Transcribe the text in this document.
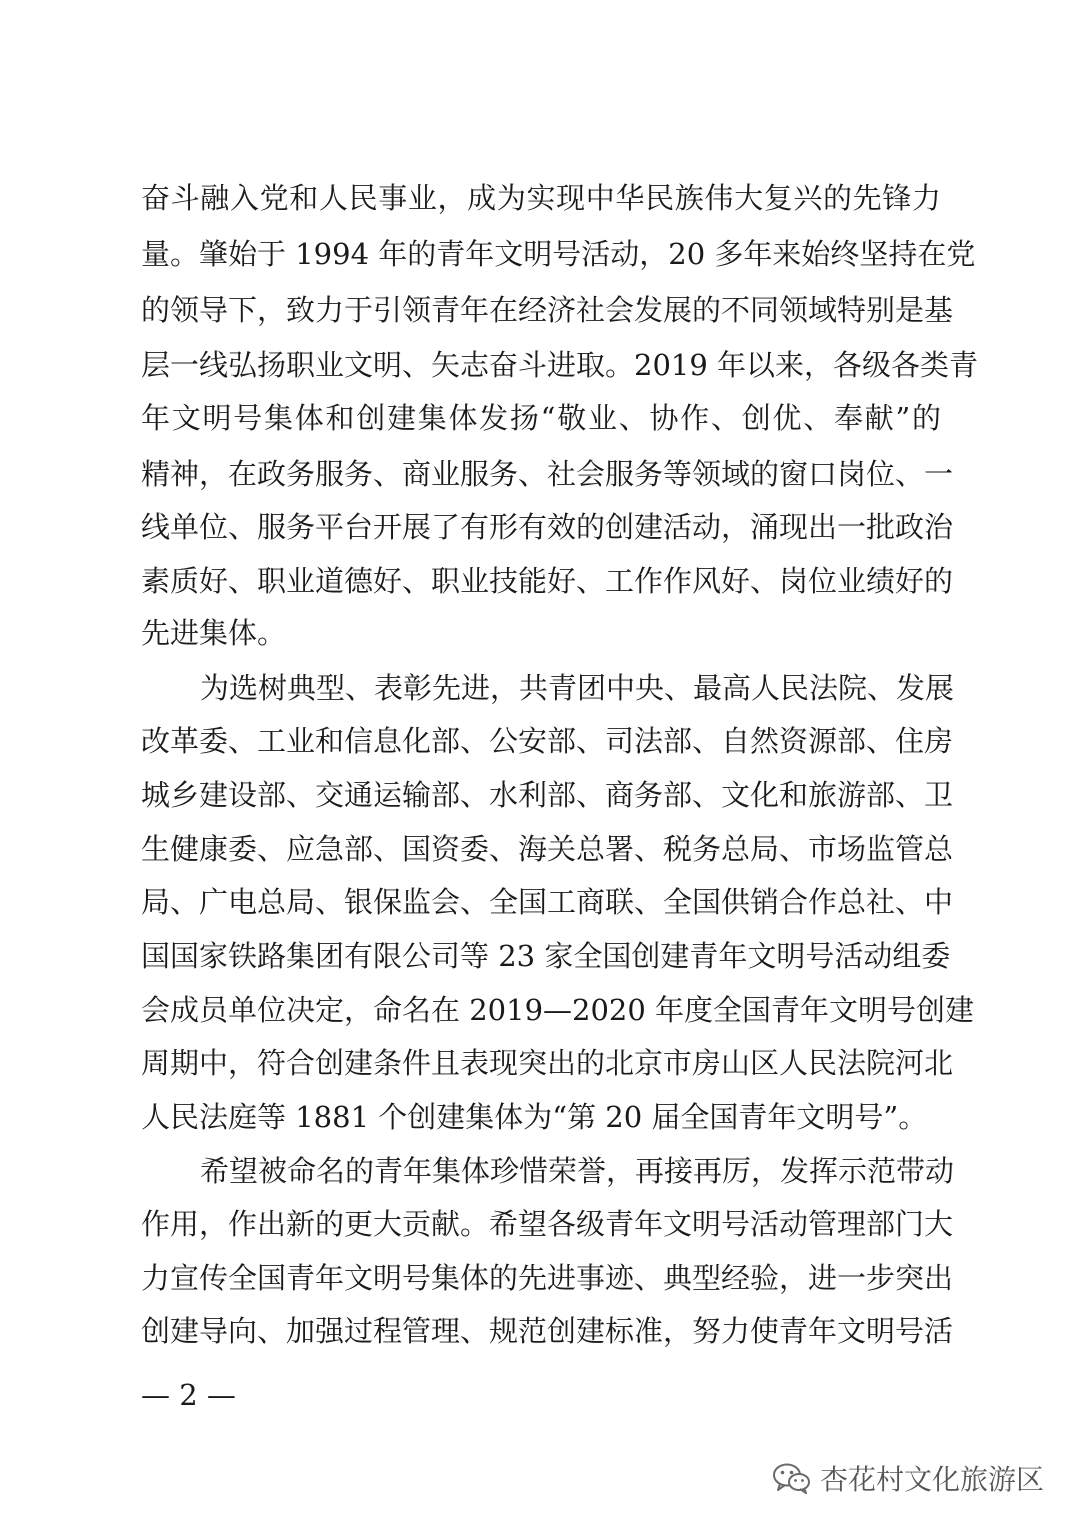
奋斗融入党和人民事业，成为实现中华民族伟大复兴的先锋力
量。肇始于 1994 年的青年文明号活动，20 多年来始终坚持在党
的领导下，致力于引领青年在经济社会发展的不同领域特别是基
层一线弘扬职业文明、矢志奋斗进取。2019 年以来，各级各类青
年文明号集体和创建集体发扬“敬业、协作、创优、奉献”的
精神，在政务服务、商业服务、社会服务等领域的窗口岗位、一
线单位、服务平台开展了有形有效的创建活动，涌现出一批政治
素质好、职业道德好、职业技能好、工作作风好、岗位业绩好的
先进集体。
为选树典型、表彰先进，共青团中央、最高人民法院、发展
改革委、工业和信息化部、公安部、司法部、自然资源部、住房
城乡建设部、交通运输部、水利部、商务部、文化和旅游部、卫
生健康委、应急部、国资委、海关总署、税务总局、市场监管总
局、广电总局、银保监会、全国工商联、全国供销合作总社、中
国国家铁路集团有限公司等 23 家全国创建青年文明号活动组委
会成员单位决定，命名在 2019—2020 年度全国青年文明号创建
周期中，符合创建条件且表现突出的北京市房山区人民法院河北
人民法庭等 1881 个创建集体为“第 20 届全国青年文明号”。
希望被命名的青年集体珍惜荣誉，再接再厉，发挥示范带动
作用，作出新的更大贡献。希望各级青年文明号活动管理部门大
力宣传全国青年文明号集体的先进事迹、典型经验，进一步突出
创建导向、加强过程管理、规范创建标准，努力使青年文明号活
— 2 —
杏花村文化旅游区
